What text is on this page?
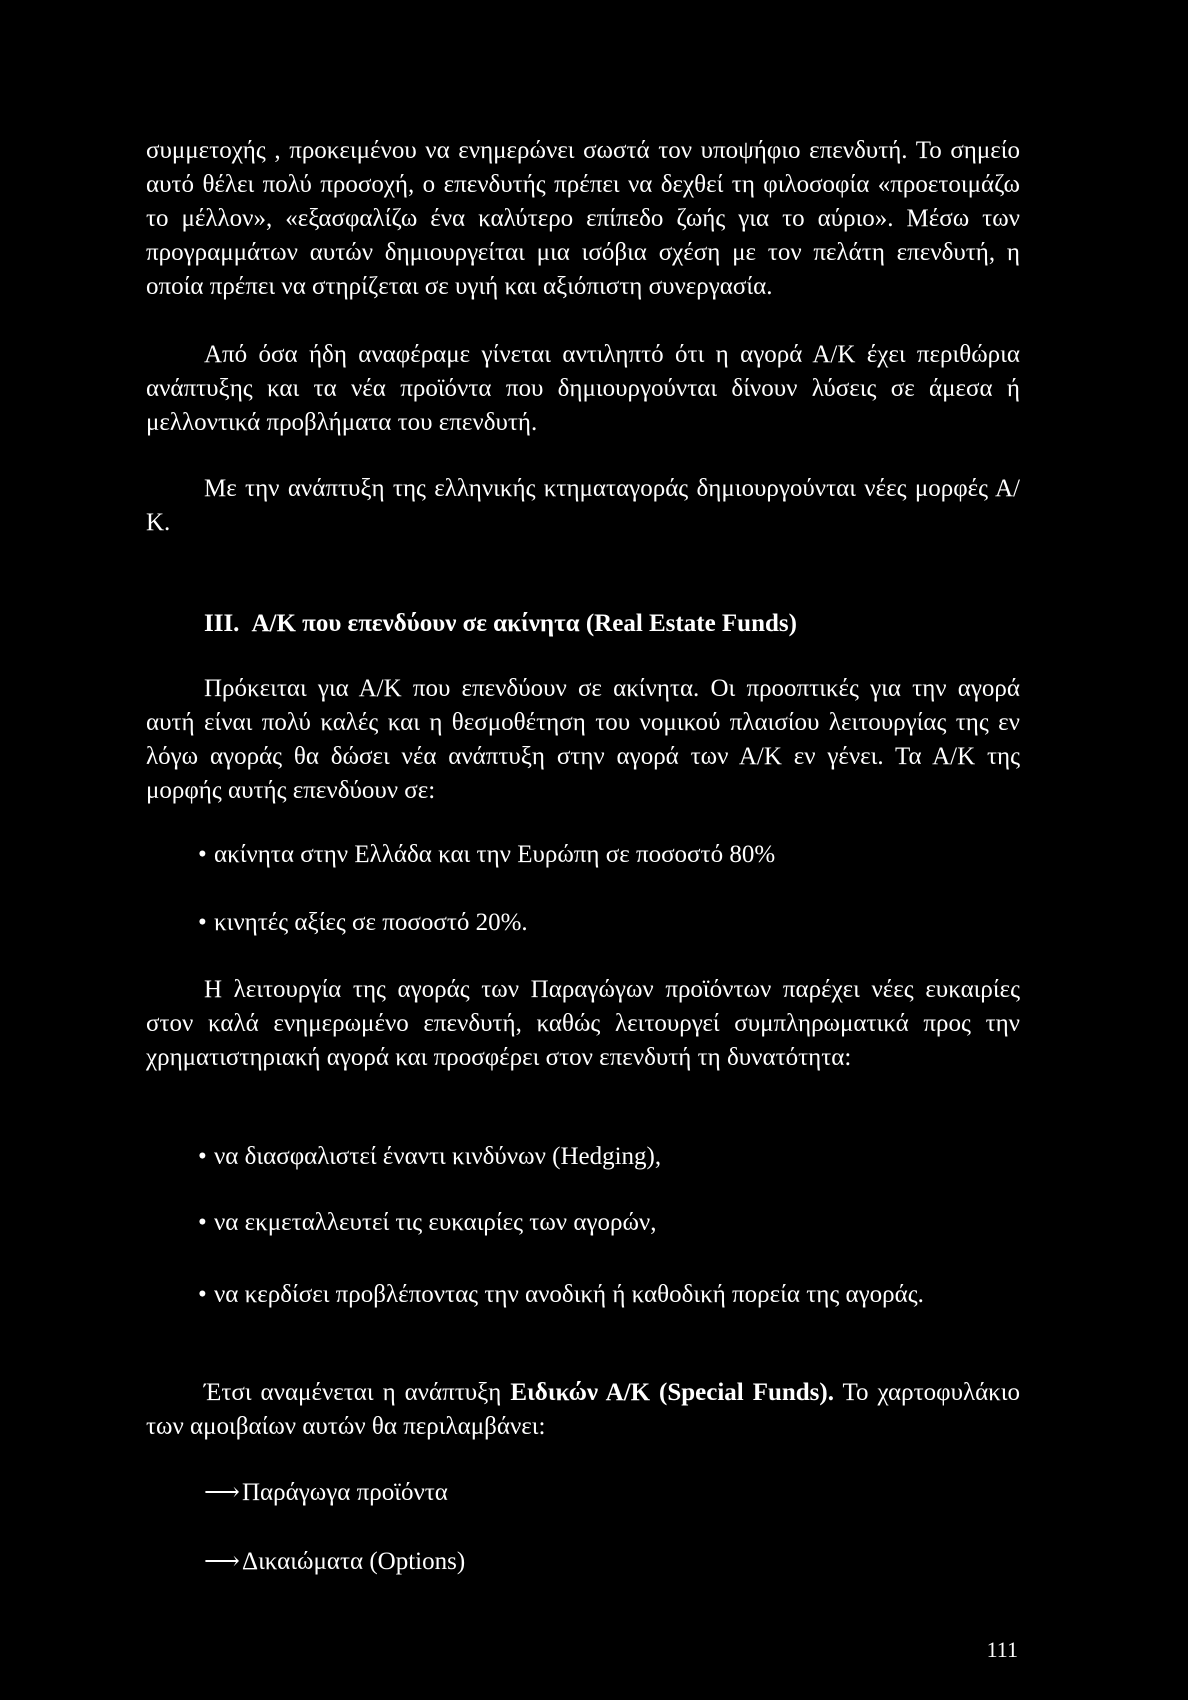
συμμετοχής , προκειμένου να ενημερώνει σωστά τον υποψήφιο επενδυτή. Το σημείο αυτό θέλει πολύ προσοχή, ο επενδυτής πρέπει να δεχθεί τη φιλοσοφία «προετοιμάζω το μέλλον», «εξασφαλίζω ένα καλύτερο επίπεδο ζωής για το αύριο». Μέσω των προγραμμάτων αυτών δημιουργείται μια ισόβια σχέση με τον πελάτη επενδυτή, η οποία πρέπει να στηρίζεται σε υγιή και αξιόπιστη συνεργασία.

Από όσα ήδη αναφέραμε γίνεται αντιληπτό ότι η αγορά Α/Κ έχει περιθώρια ανάπτυξης και τα νέα προϊόντα που δημιουργούνται δίνουν λύσεις σε άμεσα ή μελλοντικά προβλήματα του επενδυτή.

Με την ανάπτυξη της ελληνικής κτηματαγοράς δημιουργούνται νέες μορφές Α/Κ.

III. Α/Κ που επενδύουν σε ακίνητα (Real Estate Funds)

Πρόκειται για Α/Κ που επενδύουν σε ακίνητα. Οι προοπτικές για την αγορά αυτή είναι πολύ καλές και η θεσμοθέτηση του νομικού πλαισίου λειτουργίας της εν λόγω αγοράς θα δώσει νέα ανάπτυξη στην αγορά των Α/Κ εν γένει. Τα Α/Κ της μορφής αυτής επενδύουν σε:

• ακίνητα στην Ελλάδα και την Ευρώπη σε ποσοστό 80%
• κινητές αξίες σε ποσοστό 20%.

Η λειτουργία της αγοράς των Παραγώγων προϊόντων παρέχει νέες ευκαιρίες στον καλά ενημερωμένο επενδυτή, καθώς λειτουργεί συμπληρωματικά προς την χρηματιστηριακή αγορά και προσφέρει στον επενδυτή τη δυνατότητα:

• να διασφαλιστεί έναντι κινδύνων (Hedging),
• να εκμεταλλευτεί τις ευκαιρίες των αγορών,
• να κερδίσει προβλέποντας την ανοδική ή καθοδική πορεία της αγοράς.

Έτσι αναμένεται η ανάπτυξη Ειδικών Α/Κ (Special Funds). Το χαρτοφυλάκιο των αμοιβαίων αυτών θα περιλαμβάνει:

⟶Παράγωγα προϊόντα
⟶Δικαιώματα (Options)
111
